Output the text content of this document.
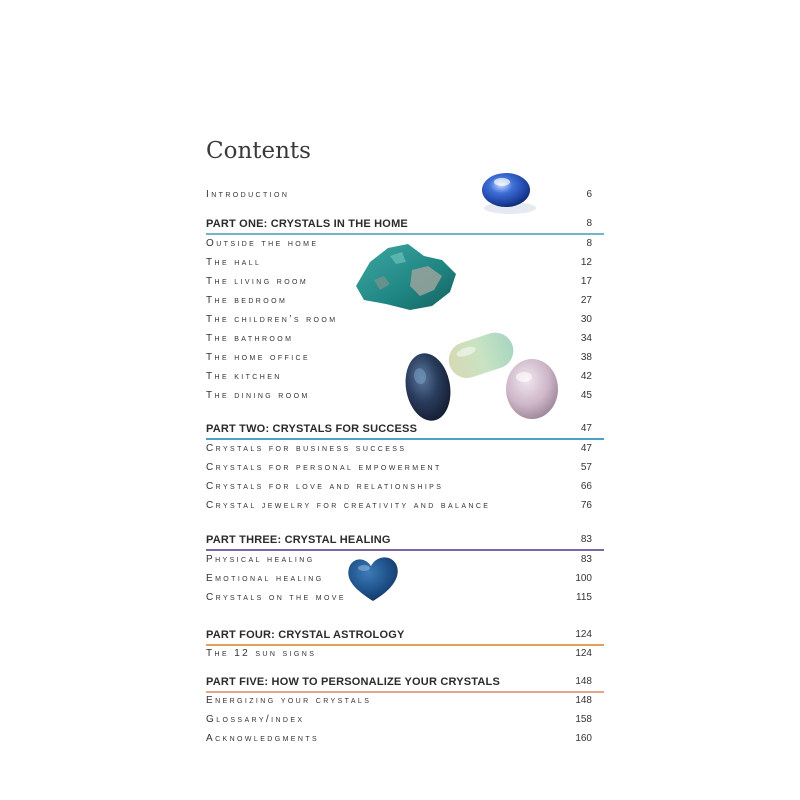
Contents
Introduction	6
PART ONE: CRYSTALS IN THE HOME	8
Outside the home	8
The hall	12
The living room	17
The bedroom	27
The children’s room	30
The bathroom	34
The home office	38
The kitchen	42
The dining room	45
PART TWO: CRYSTALS FOR SUCCESS	47
Crystals for business success	47
Crystals for personal empowerment	57
Crystals for love and relationships	66
Crystal jewelry for creativity and balance	76
PART THREE: CRYSTAL HEALING	83
Physical healing	83
Emotional healing	100
Crystals on the move	115
PART FOUR: CRYSTAL ASTROLOGY	124
The 12 sun signs	124
PART FIVE: HOW TO PERSONALIZE YOUR CRYSTALS	148
Energizing your crystals	148
Glossary/index	158
Acknowledgments	160
